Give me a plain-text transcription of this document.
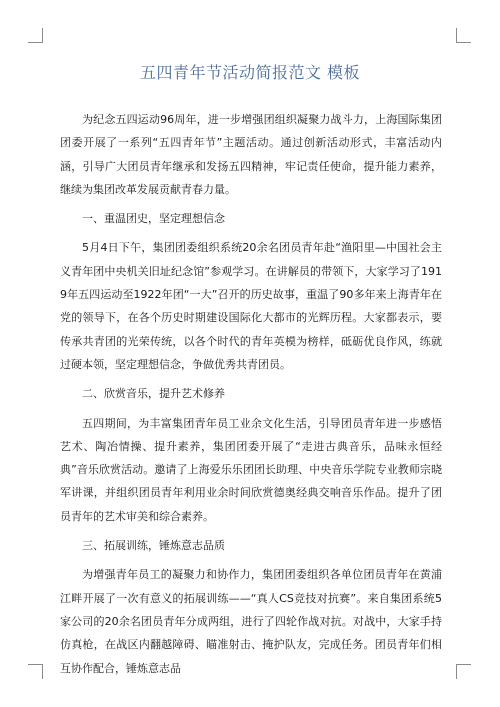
五四青年节活动简报范文 模板

为纪念五四运动96周年，进一步增强团组织凝聚力战斗力，上海国际集团团委开展了一系列“五四青年节”主题活动。通过创新活动形式，丰富活动内涵，引导广大团员青年继承和发扬五四精神，牢记责任使命，提升能力素养，继续为集团改革发展贡献青春力量。

一、重温团史，坚定理想信念

5月4日下午，集团团委组织系统20余名团员青年赴“渔阳里—中国社会主义青年团中央机关旧址纪念馆”参观学习。在讲解员的带领下，大家学习了1919年五四运动至1922年团“一大”召开的历史故事，重温了90多年来上海青年在党的领导下，在各个历史时期建设国际化大都市的光辉历程。大家都表示，要传承共青团的光荣传统，以各个时代的青年英模为榜样，砥砺优良作风，练就过硬本领，坚定理想信念，争做优秀共青团员。

二、欣赏音乐，提升艺术修养

五四期间，为丰富集团青年员工业余文化生活，引导团员青年进一步感悟艺术、陶冶情操、提升素养，集团团委开展了“走进古典音乐，品味永恒经典”音乐欣赏活动。邀请了上海爱乐乐团团长助理、中央音乐学院专业教师宗晓军讲课，并组织团员青年利用业余时间欣赏德奥经典交响音乐作品。提升了团员青年的艺术审美和综合素养。

三、拓展训练，锤炼意志品质

为增强青年员工的凝聚力和协作力，集团团委组织各单位团员青年在黄浦江畔开展了一次有意义的拓展训练——“真人CS竞技对抗赛”。来自集团系统5家公司的20余名团员青年分成两组，进行了四轮作战对抗。对战中，大家手持仿真枪，在战区内翻越障碍、瞄准射击、掩护队友，完成任务。团员青年们相互协作配合，锤炼意志品
